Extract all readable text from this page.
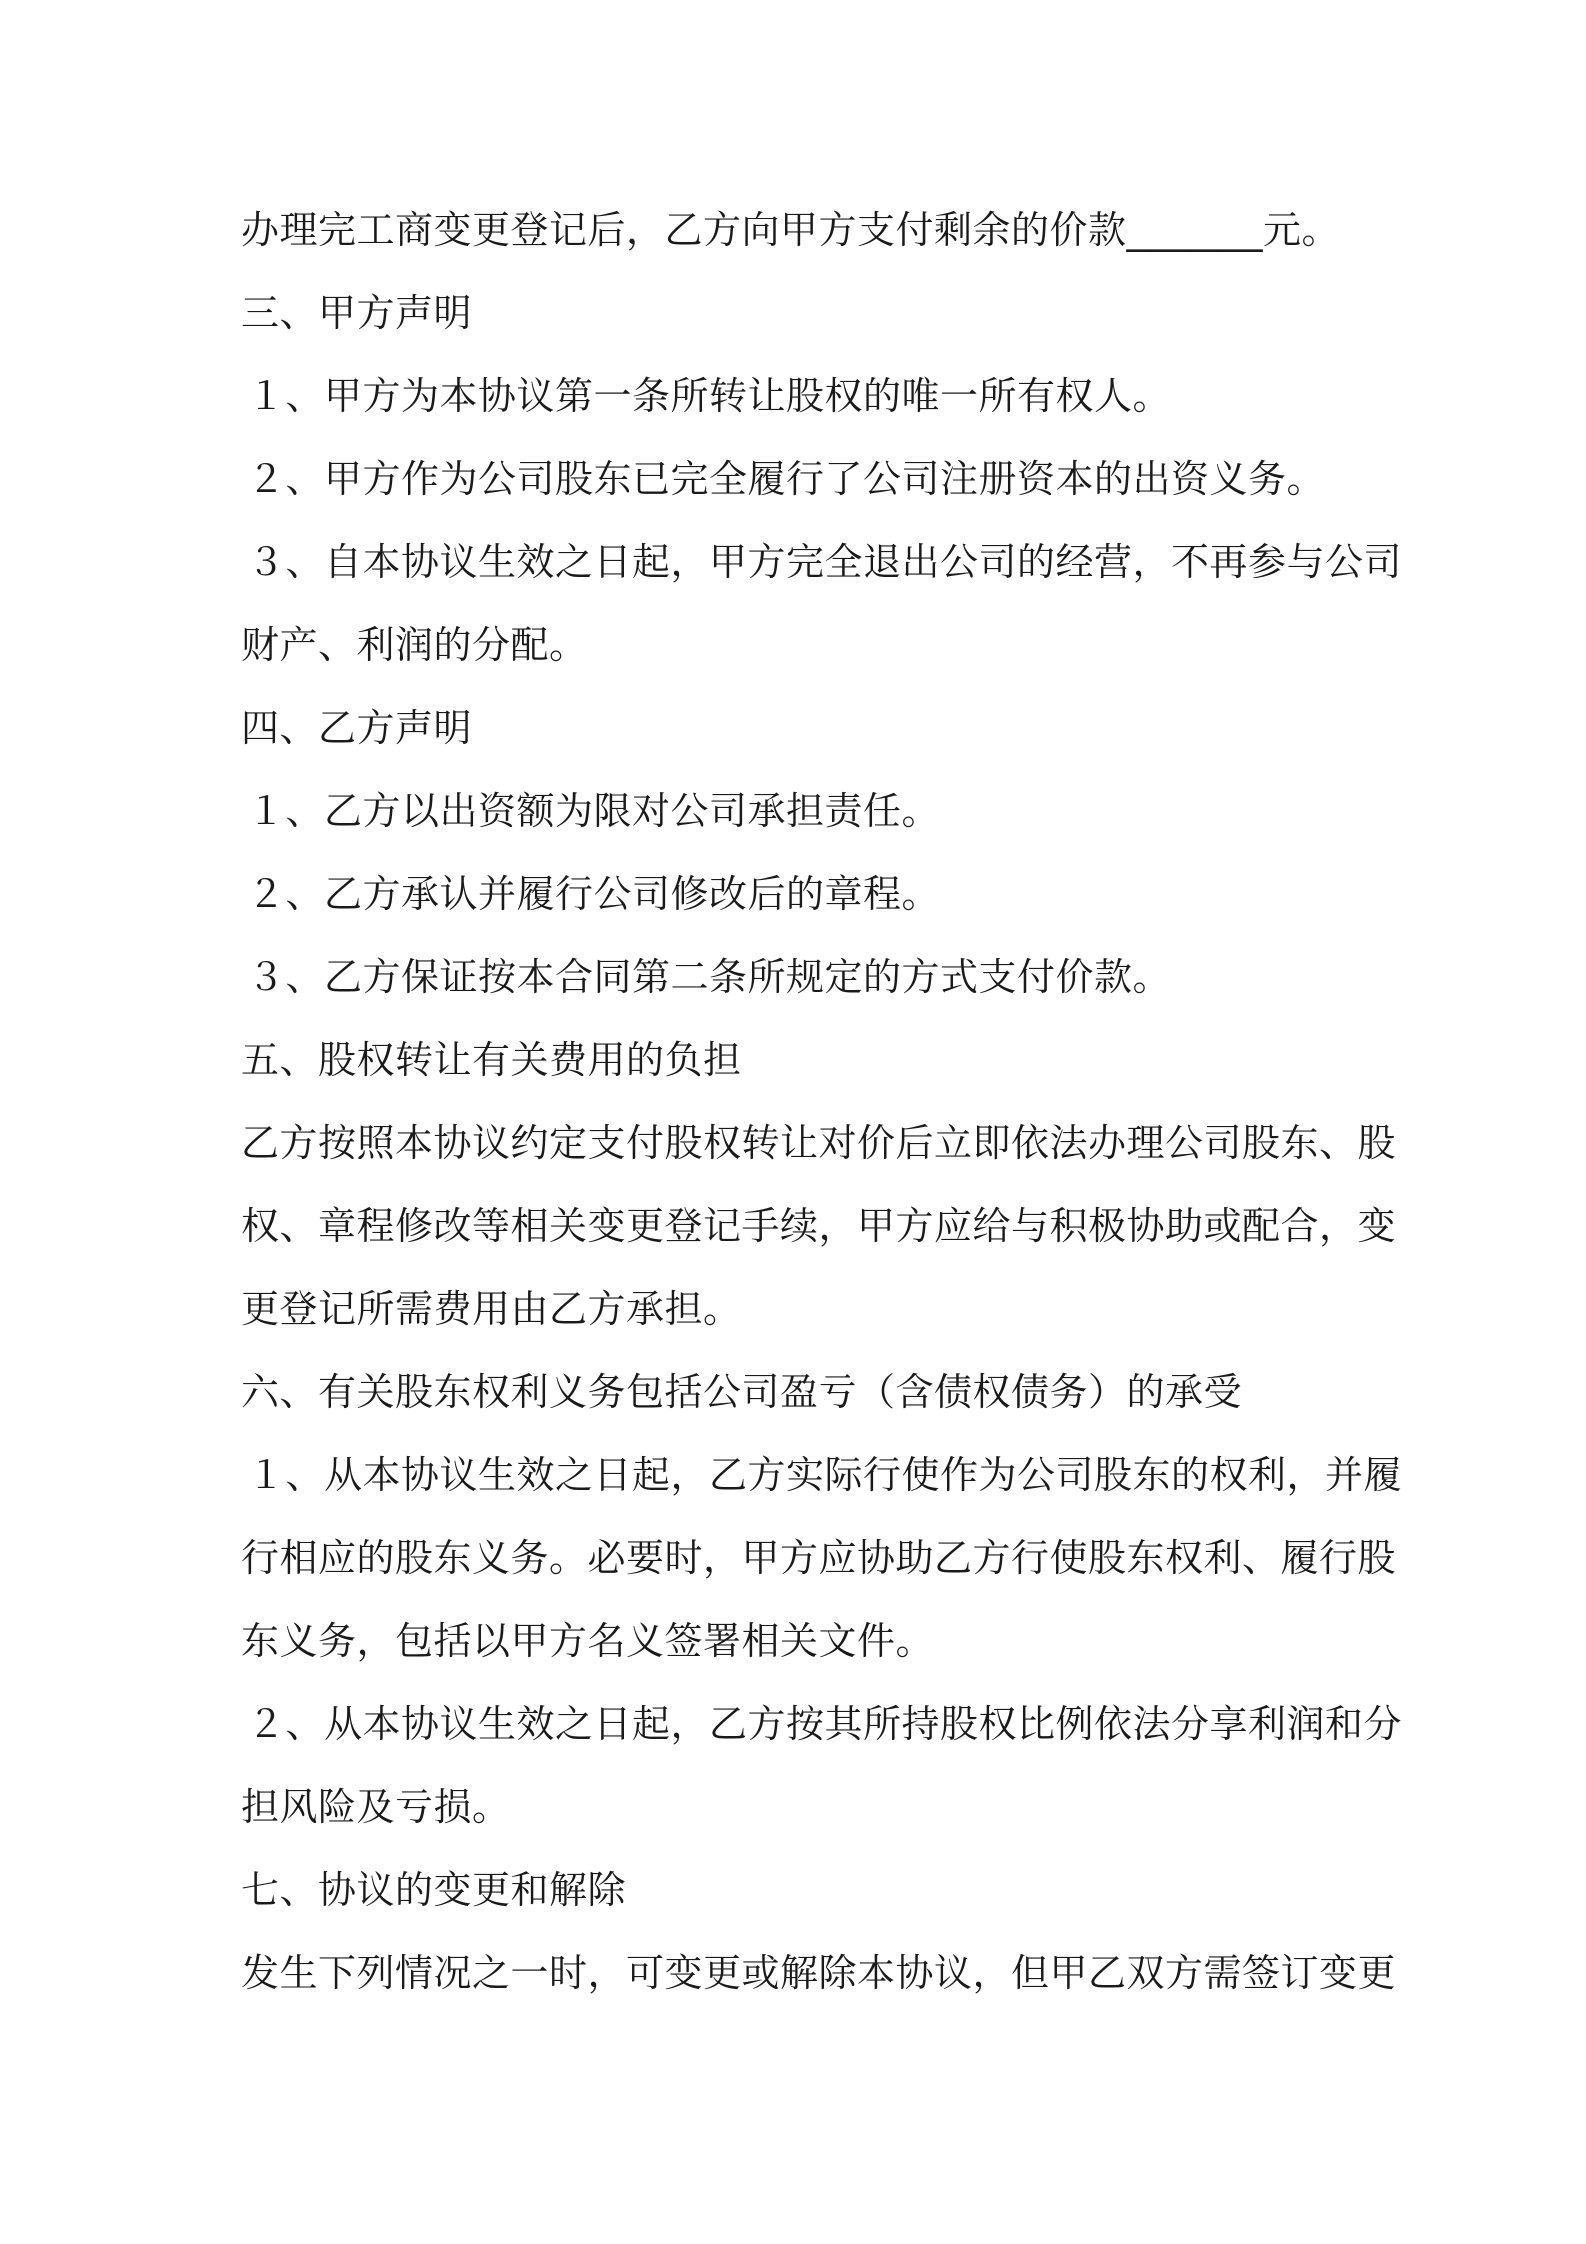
办理完工商变更登记后，乙方向甲方支付剩余的价款_______元。
三、甲方声明
１、甲方为本协议第一条所转让股权的唯一所有权人。
２、甲方作为公司股东已完全履行了公司注册资本的出资义务。
３、自本协议生效之日起，甲方完全退出公司的经营，不再参与公司
财产、利润的分配。
四、乙方声明
１、乙方以出资额为限对公司承担责任。
２、乙方承认并履行公司修改后的章程。
３、乙方保证按本合同第二条所规定的方式支付价款。
五、股权转让有关费用的负担
乙方按照本协议约定支付股权转让对价后立即依法办理公司股东、股
权、章程修改等相关变更登记手续，甲方应给与积极协助或配合，变
更登记所需费用由乙方承担。
六、有关股东权利义务包括公司盈亏（含债权债务）的承受
１、从本协议生效之日起，乙方实际行使作为公司股东的权利，并履
行相应的股东义务。必要时，甲方应协助乙方行使股东权利、履行股
东义务，包括以甲方名义签署相关文件。
２、从本协议生效之日起，乙方按其所持股权比例依法分享利润和分
担风险及亏损。
七、协议的变更和解除
发生下列情况之一时，可变更或解除本协议，但甲乙双方需签订变更
